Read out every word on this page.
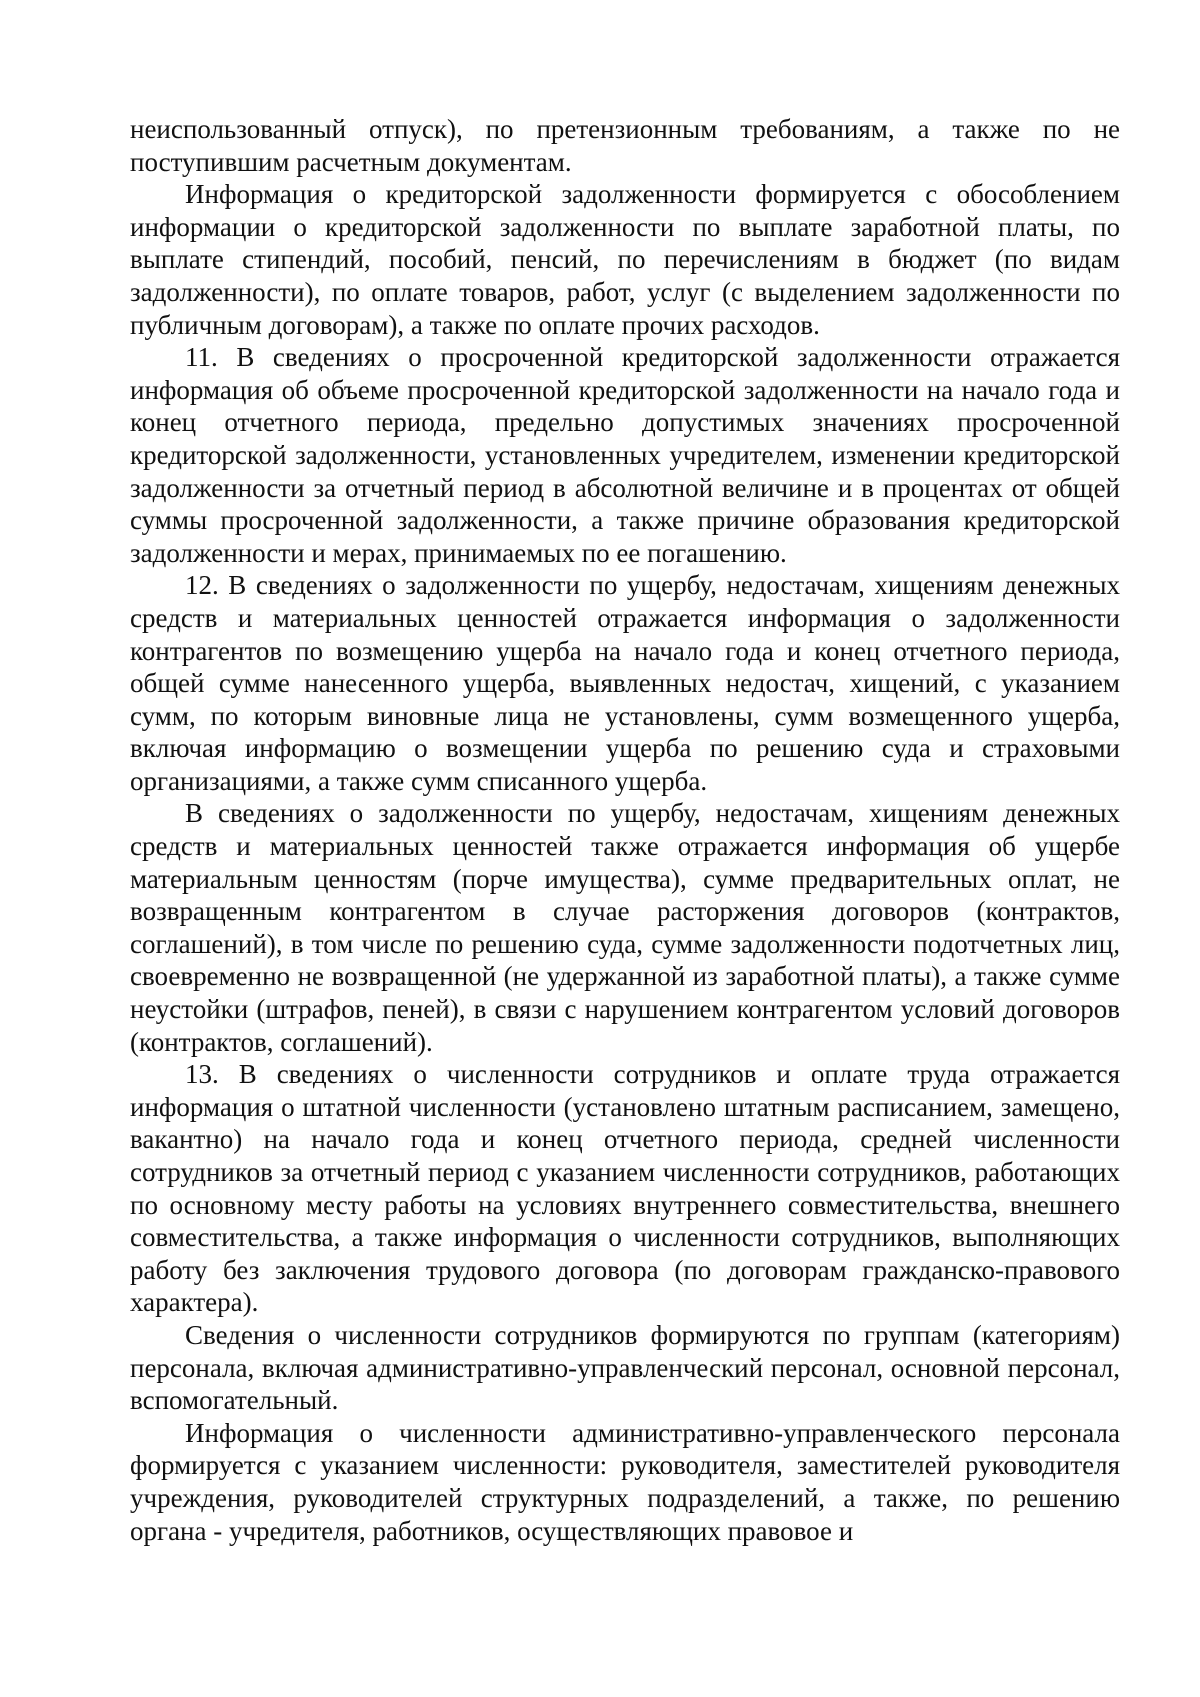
неиспользованный отпуск), по претензионным требованиям, а также по не поступившим расчетным документам.

Информация о кредиторской задолженности формируется с обособлением информации о кредиторской задолженности по выплате заработной платы, по выплате стипендий, пособий, пенсий, по перечислениям в бюджет (по видам задолженности), по оплате товаров, работ, услуг (с выделением задолженности по публичным договорам), а также по оплате прочих расходов.

11. В сведениях о просроченной кредиторской задолженности отражается информация об объеме просроченной кредиторской задолженности на начало года и конец отчетного периода, предельно допустимых значениях просроченной кредиторской задолженности, установленных учредителем, изменении кредиторской задолженности за отчетный период в абсолютной величине и в процентах от общей суммы просроченной задолженности, а также причине образования кредиторской задолженности и мерах, принимаемых по ее погашению.

12. В сведениях о задолженности по ущербу, недостачам, хищениям денежных средств и материальных ценностей отражается информация о задолженности контрагентов по возмещению ущерба на начало года и конец отчетного периода, общей сумме нанесенного ущерба, выявленных недостач, хищений, с указанием сумм, по которым виновные лица не установлены, сумм возмещенного ущерба, включая информацию о возмещении ущерба по решению суда и страховыми организациями, а также сумм списанного ущерба.

В сведениях о задолженности по ущербу, недостачам, хищениям денежных средств и материальных ценностей также отражается информация об ущербе материальным ценностям (порче имущества), сумме предварительных оплат, не возвращенным контрагентом в случае расторжения договоров (контрактов, соглашений), в том числе по решению суда, сумме задолженности подотчетных лиц, своевременно не возвращенной (не удержанной из заработной платы), а также сумме неустойки (штрафов, пеней), в связи с нарушением контрагентом условий договоров (контрактов, соглашений).

13. В сведениях о численности сотрудников и оплате труда отражается информация о штатной численности (установлено штатным расписанием, замещено, вакантно) на начало года и конец отчетного периода, средней численности сотрудников за отчетный период с указанием численности сотрудников, работающих по основному месту работы на условиях внутреннего совместительства, внешнего совместительства, а также информация о численности сотрудников, выполняющих работу без заключения трудового договора (по договорам гражданско-правового характера).

Сведения о численности сотрудников формируются по группам (категориям) персонала, включая административно-управленческий персонал, основной персонал, вспомогательный.

Информация о численности административно-управленческого персонала формируется с указанием численности: руководителя, заместителей руководителя учреждения, руководителей структурных подразделений, а также, по решению органа - учредителя, работников, осуществляющих правовое и
